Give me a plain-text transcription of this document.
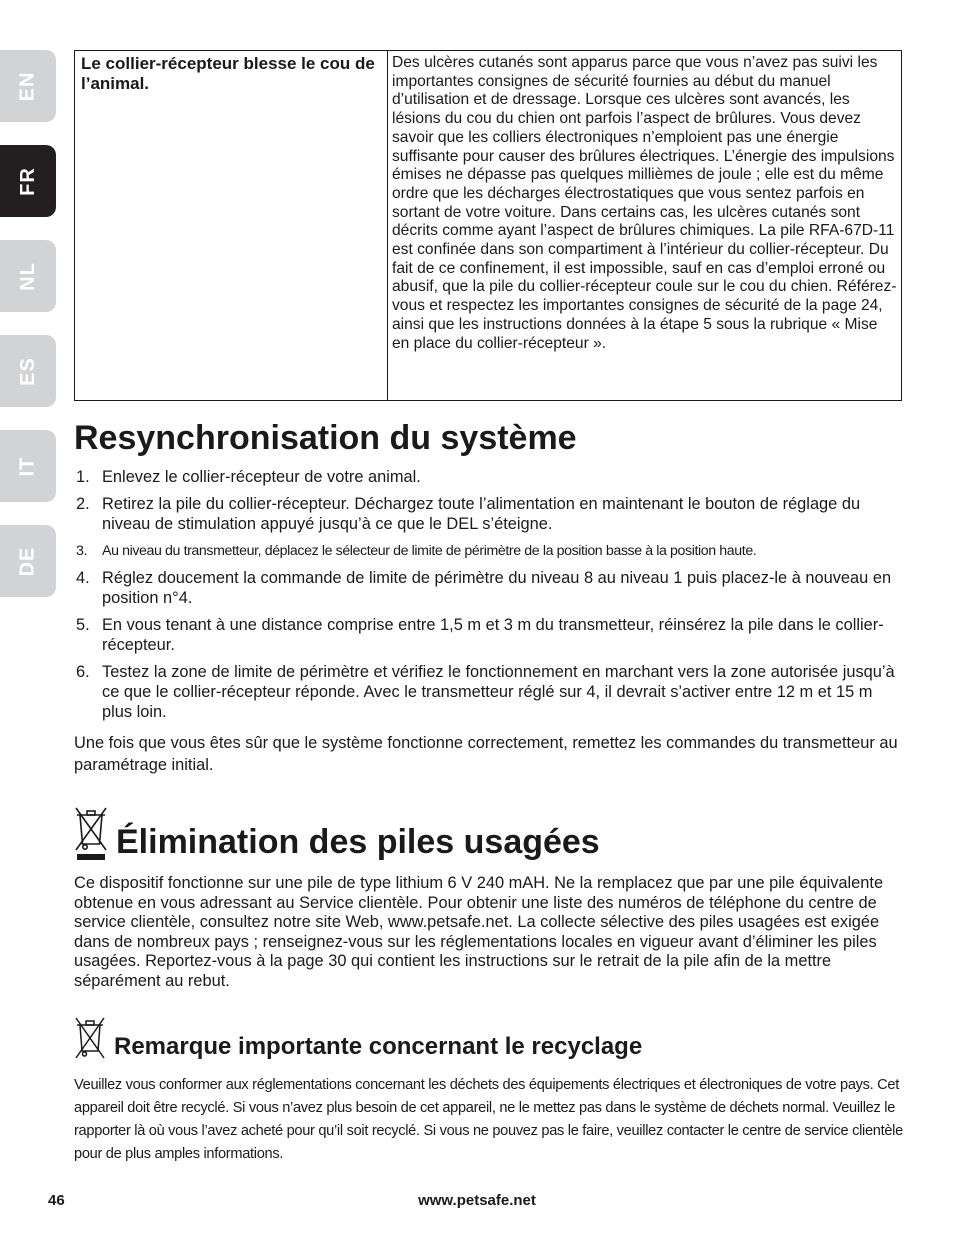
EN
FR
NL
ES
IT
DE
Le collier-récepteur blesse le cou de l’animal.
Des ulcères cutanés sont apparus parce que vous n’avez pas suivi les importantes consignes de sécurité fournies au début du manuel d’utilisation et de dressage. Lorsque ces ulcères sont avancés, les lésions du cou du chien ont parfois l’aspect de brûlures. Vous devez savoir que les colliers électroniques n’emploient pas une énergie suffisante pour causer des brûlures électriques. L’énergie des impulsions émises ne dépasse pas quelques millièmes de joule ; elle est du même ordre que les décharges électrostatiques que vous sentez parfois en sortant de votre voiture. Dans certains cas, les ulcères cutanés sont décrits comme ayant l’aspect de brûlures chimiques. La pile RFA-67D-11 est confinée dans son compartiment à l’intérieur du collier-récepteur. Du fait de ce confinement, il est impossible, sauf en cas d’emploi erroné ou abusif, que la pile du collier-récepteur coule sur le cou du chien. Référez-vous et respectez les importantes consignes de sécurité de la page 24, ainsi que les instructions données à la étape 5 sous la rubrique « Mise en place du collier-récepteur ».
Resynchronisation du système
1. Enlevez le collier-récepteur de votre animal.
2. Retirez la pile du collier-récepteur. Déchargez toute l’alimentation en maintenant le bouton de réglage du niveau de stimulation appuyé jusqu’à ce que le DEL s’éteigne.
3. Au niveau du transmetteur, déplacez le sélecteur de limite de périmètre de la position basse à la position haute.
4. Réglez doucement la commande de limite de périmètre du niveau 8 au niveau 1 puis placez-le à nouveau en position n°4.
5. En vous tenant à une distance comprise entre 1,5 m et 3 m du transmetteur, réinsérez la pile dans le collier-récepteur.
6. Testez la zone de limite de périmètre et vérifiez le fonctionnement en marchant vers la zone autorisée jusqu’à ce que le collier-récepteur réponde. Avec le transmetteur réglé sur 4, il devrait s’activer entre 12 m et 15 m plus loin.

Une fois que vous êtes sûr que le système fonctionne correctement, remettez les commandes du transmetteur au paramétrage initial.

Élimination des piles usagées

Ce dispositif fonctionne sur une pile de type lithium 6 V 240 mAH. Ne la remplacez que par une pile équivalente obtenue en vous adressant au Service clientèle. Pour obtenir une liste des numéros de téléphone du centre de service clientèle, consultez notre site Web, www.petsafe.net. La collecte sélective des piles usagées est exigée dans de nombreux pays ; renseignez-vous sur les réglementations locales en vigueur avant d’éliminer les piles usagées. Reportez-vous à la page 30 qui contient les instructions sur le retrait de la pile afin de la mettre séparément au rebut.

Remarque importante concernant le recyclage

Veuillez vous conformer aux réglementations concernant les déchets des équipements électriques et électroniques de votre pays. Cet appareil doit être recyclé. Si vous n’avez plus besoin de cet appareil, ne le mettez pas dans le système de déchets normal. Veuillez le rapporter là où vous l’avez acheté pour qu’il soit recyclé. Si vous ne pouvez pas le faire, veuillez contacter le centre de service clientèle pour de plus amples informations.

46	www.petsafe.net
